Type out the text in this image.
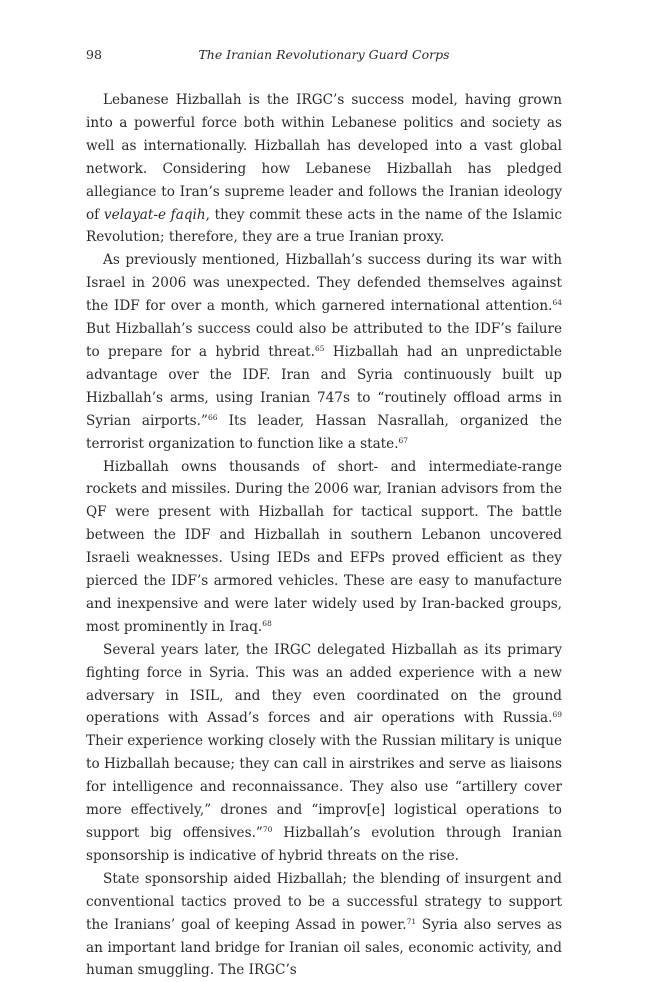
98	The Iranian Revolutionary Guard Corps

Lebanese Hizballah is the IRGC’s success model, having grown into a powerful force both within Lebanese politics and society as well as internationally. Hizballah has developed into a vast global network. Considering how Lebanese Hizballah has pledged allegiance to Iran’s supreme leader and follows the Iranian ideology of velayat-e faqih, they commit these acts in the name of the Islamic Revolution; therefore, they are a true Iranian proxy.

As previously mentioned, Hizballah’s success during its war with Israel in 2006 was unexpected. They defended themselves against the IDF for over a month, which garnered international attention.$^{64}$ But Hizballah’s success could also be attributed to the IDF’s failure to prepare for a hybrid threat.$^{65}$ Hizballah had an unpredictable advantage over the IDF. Iran and Syria continuously built up Hizballah’s arms, using Iranian 747s to “routinely offload arms in Syrian airports.”$^{66}$ Its leader, Hassan Nasrallah, organized the terrorist organization to function like a state.$^{67}$

Hizballah owns thousands of short- and intermediate-range rockets and missiles. During the 2006 war, Iranian advisors from the QF were present with Hizballah for tactical support. The battle between the IDF and Hizballah in southern Lebanon uncovered Israeli weaknesses. Using IEDs and EFPs proved efficient as they pierced the IDF’s armored vehicles. These are easy to manufacture and inexpensive and were later widely used by Iran-backed groups, most prominently in Iraq.$^{68}$

Several years later, the IRGC delegated Hizballah as its primary fighting force in Syria. This was an added experience with a new adversary in ISIL, and they even coordinated on the ground operations with Assad’s forces and air operations with Russia.$^{69}$ Their experience working closely with the Russian military is unique to Hizballah because; they can call in airstrikes and serve as liaisons for intelligence and reconnaissance. They also use “artillery cover more effectively,” drones and “improv[e] logistical operations to support big offensives.”$^{70}$ Hizballah’s evolution through Iranian sponsorship is indicative of hybrid threats on the rise.

State sponsorship aided Hizballah; the blending of insurgent and conventional tactics proved to be a successful strategy to support the Iranians’ goal of keeping Assad in power.$^{71}$ Syria also serves as an important land bridge for Iranian oil sales, economic activity, and human smuggling. The IRGC’s
